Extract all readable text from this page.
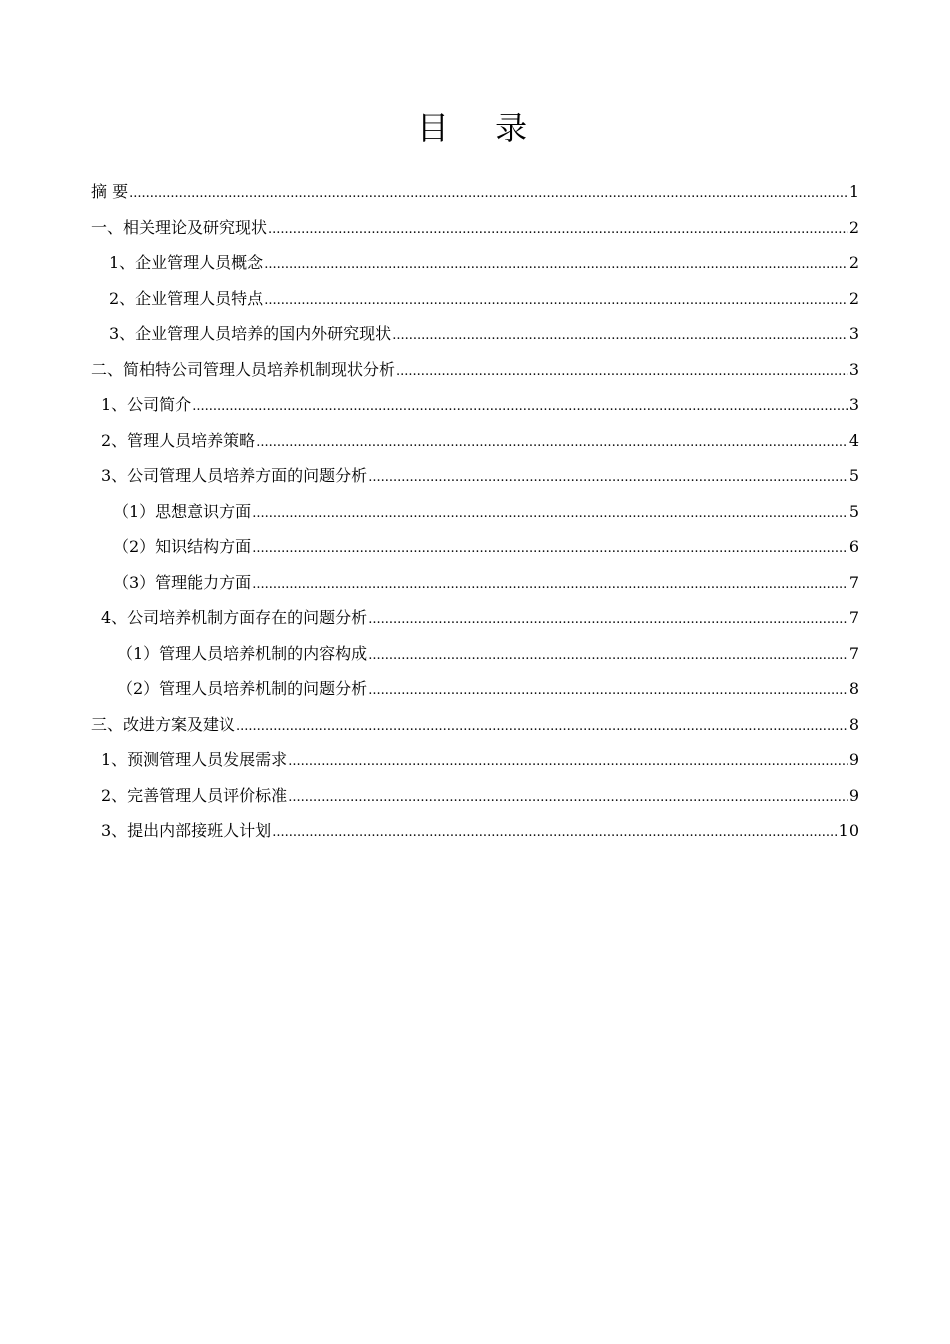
目 录
摘 要 .....	1
一、相关理论及研究现状 .....	2
1、企业管理人员概念 .....	2
2、企业管理人员特点 .....	2
3、企业管理人员培养的国内外研究现状 .....	3
二、简柏特公司管理人员培养机制现状分析 .....	3
1、公司简介 .....	3
2、管理人员培养策略 .....	4
3、公司管理人员培养方面的问题分析 .....	5
（1）思想意识方面 .....	5
（2）知识结构方面 .....	6
（3）管理能力方面 .....	7
4、公司培养机制方面存在的问题分析 .....	7
（1）管理人员培养机制的内容构成 .....	7
（2）管理人员培养机制的问题分析 .....	8
三、改进方案及建议 .....	8
1、预测管理人员发展需求 .....	9
2、完善管理人员评价标准 .....	9
3、提出内部接班人计划 .....	10
